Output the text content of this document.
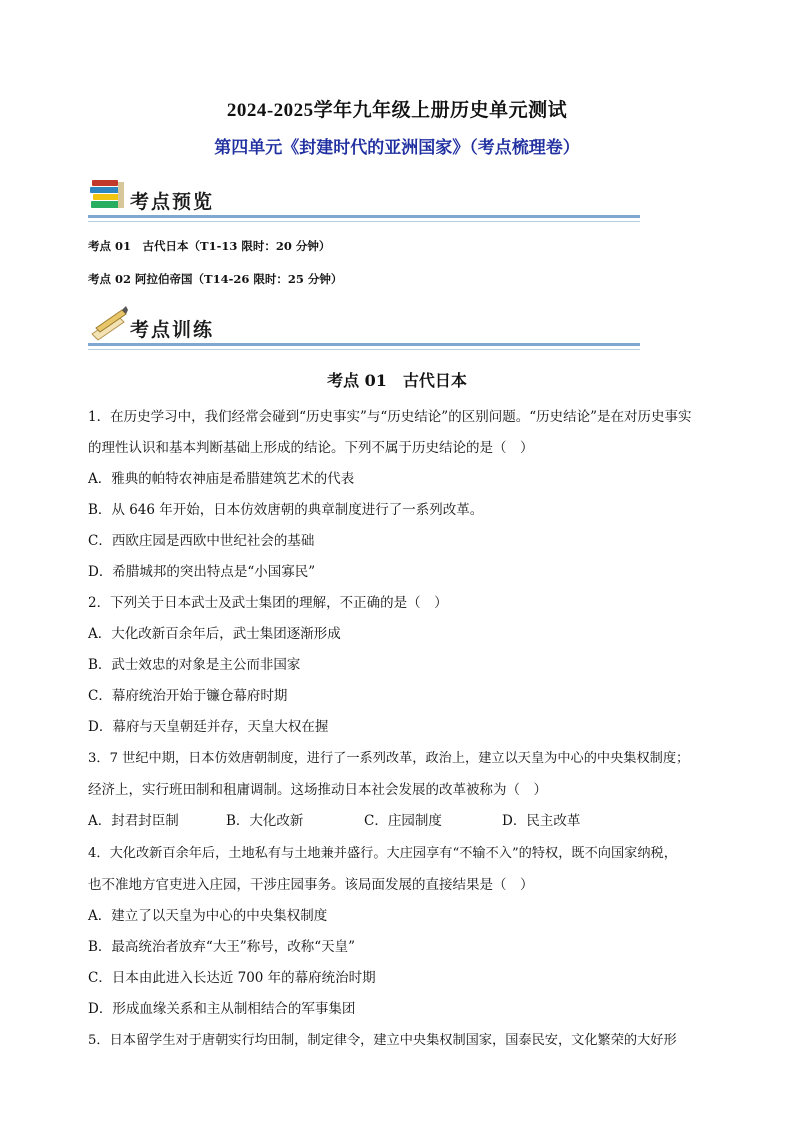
2024-2025学年九年级上册历史单元测试
第四单元《封建时代的亚洲国家》（考点梳理卷）
考点预览
考点 01　古代日本（T1-13 限时：20 分钟）
考点 02 阿拉伯帝国（T14-26 限时：25 分钟）
考点训练
考点 01　古代日本
1．在历史学习中，我们经常会碰到“历史事实”与“历史结论”的区别问题。“历史结论”是在对历史事实
的理性认识和基本判断基础上形成的结论。下列不属于历史结论的是（　）
A．雅典的帕特农神庙是希腊建筑艺术的代表
B．从 646 年开始，日本仿效唐朝的典章制度进行了一系列改革。
C．西欧庄园是西欧中世纪社会的基础
D．希腊城邦的突出特点是“小国寡民”
2．下列关于日本武士及武士集团的理解，不正确的是（　）
A．大化改新百余年后，武士集团逐渐形成
B．武士效忠的对象是主公而非国家
C．幕府统治开始于镰仓幕府时期
D．幕府与天皇朝廷并存，天皇大权在握
3．7 世纪中期，日本仿效唐朝制度，进行了一系列改革，政治上，建立以天皇为中心的中央集权制度；
经济上，实行班田制和租庸调制。这场推动日本社会发展的改革被称为（　）
A．封君封臣制	B．大化改新	C．庄园制度	D．民主改革
4．大化改新百余年后，土地私有与土地兼并盛行。大庄园享有“不输不入”的特权，既不向国家纳税，
也不准地方官吏进入庄园，干涉庄园事务。该局面发展的直接结果是（　）
A．建立了以天皇为中心的中央集权制度
B．最高统治者放弃“大王”称号，改称“天皇”
C．日本由此进入长达近 700 年的幕府统治时期
D．形成血缘关系和主从制相结合的军事集团
5．日本留学生对于唐朝实行均田制，制定律令，建立中央集权制国家，国泰民安，文化繁荣的大好形
